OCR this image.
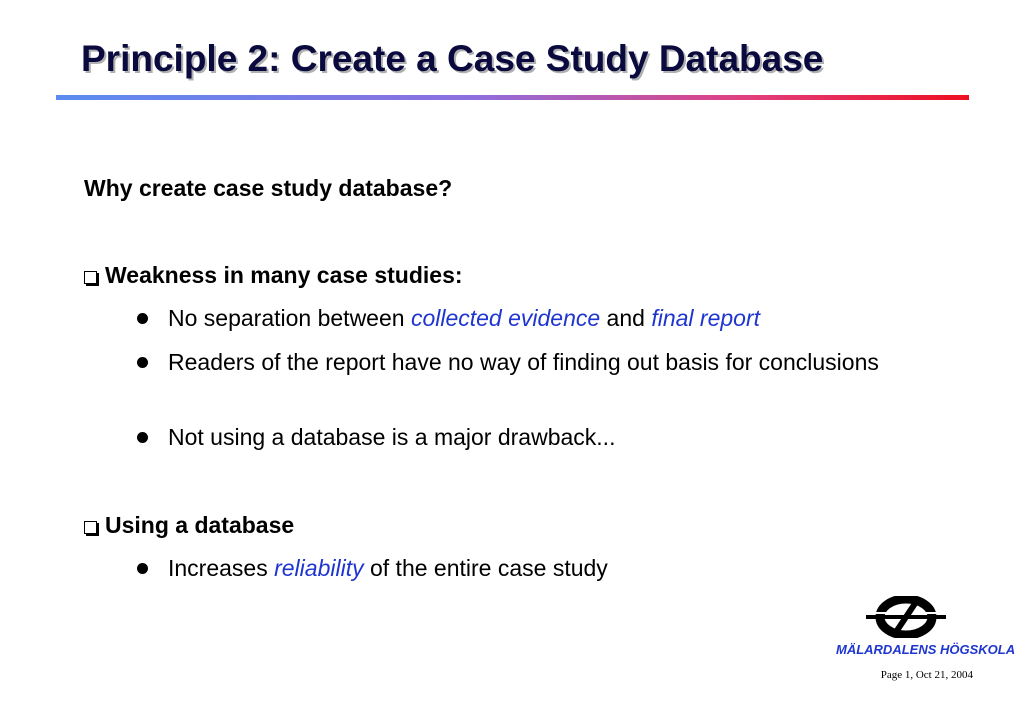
Principle 2: Create a Case Study Database
Why create case study database?
Weakness in many case studies:
No separation between collected evidence and final report
Readers of the report have no way of finding out basis for conclusions
Not using a database is a major drawback...
Using a database
Increases reliability of the entire case study
MÄLARDALENS HÖGSKOLA
Page 1, Oct 21, 2004
